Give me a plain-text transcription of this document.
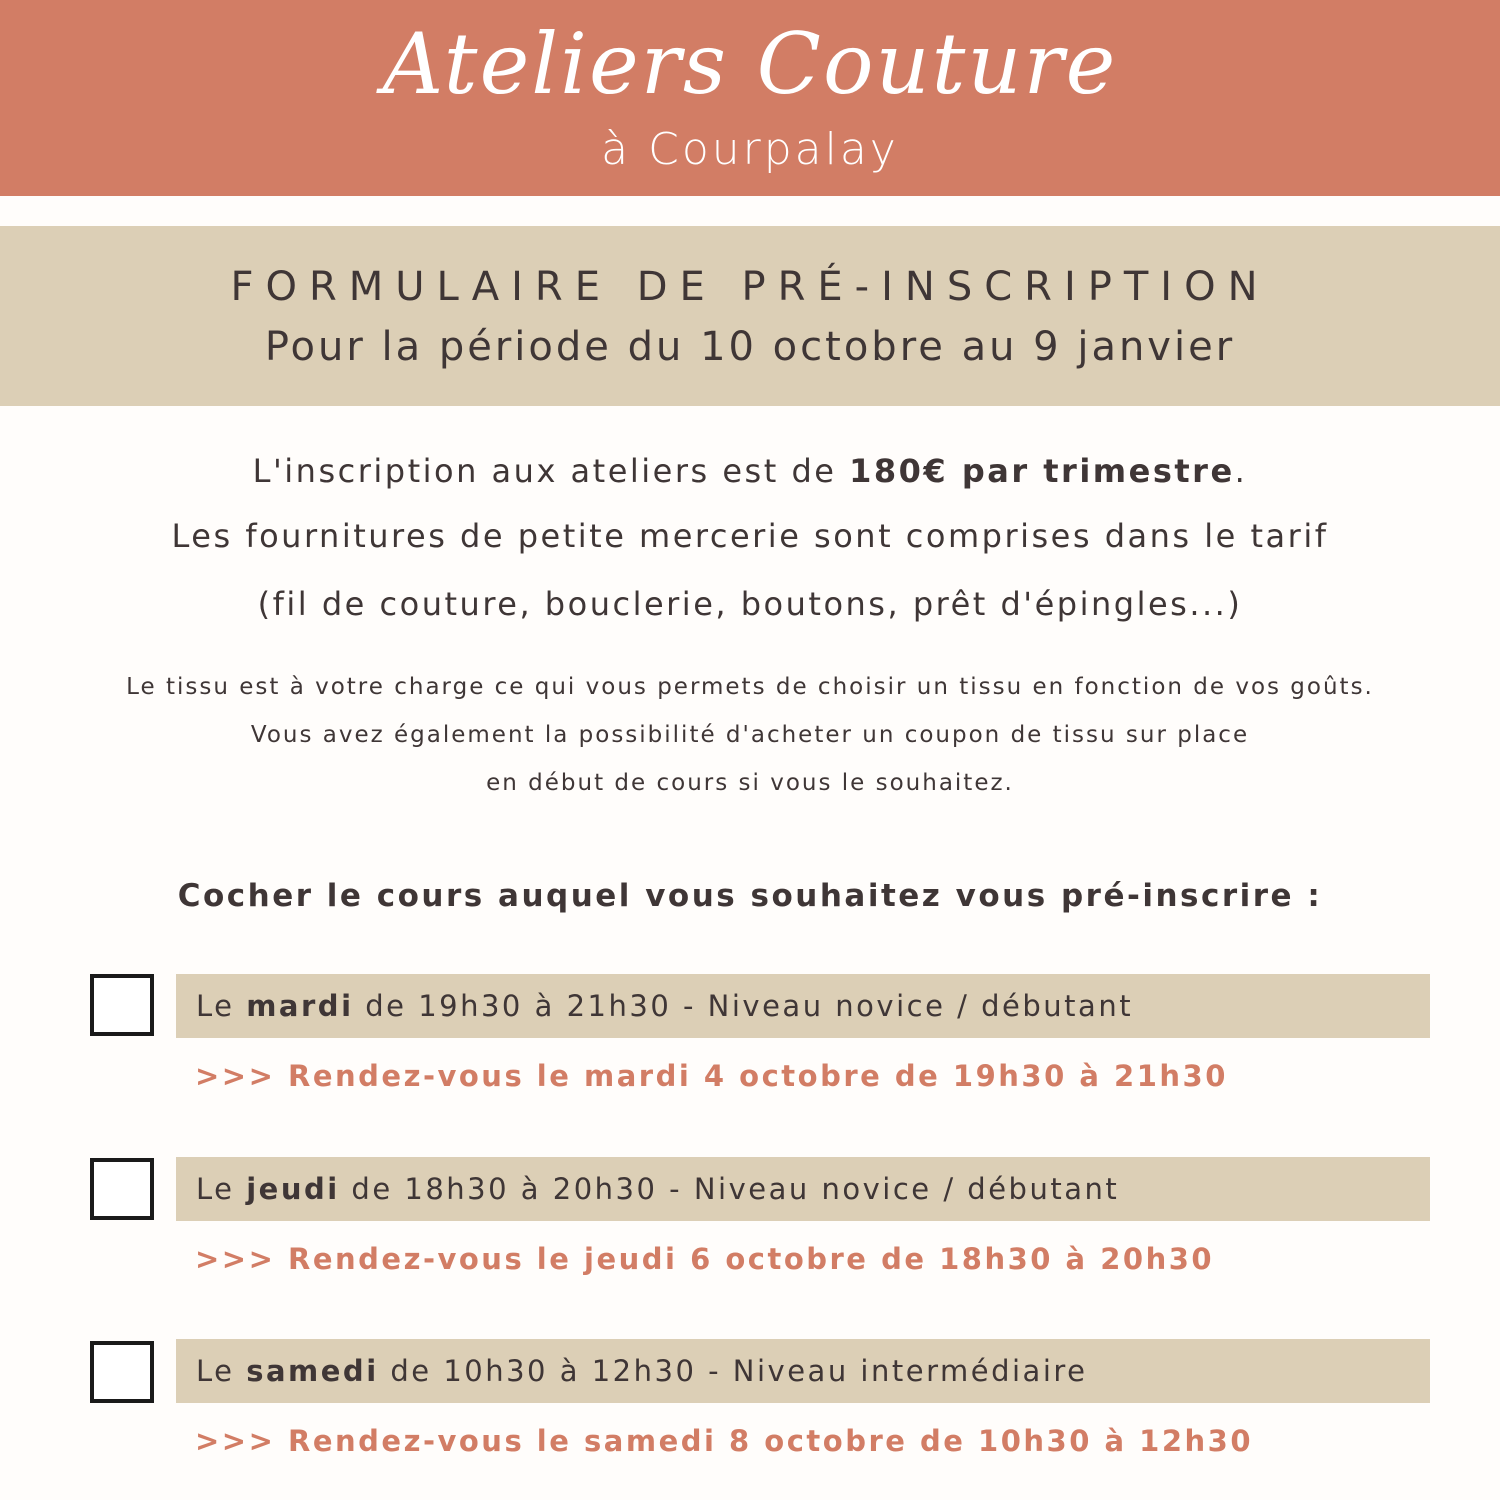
Ateliers Couture
à Courpalay
FORMULAIRE DE PRÉ-INSCRIPTION
Pour la période du 10 octobre au 9 janvier
L'inscription aux ateliers est de 180€ par trimestre.
Les fournitures de petite mercerie sont comprises dans le tarif
(fil de couture, bouclerie, boutons, prêt d'épingles...)
Le tissu est à votre charge ce qui vous permets de choisir un tissu en fonction de vos goûts.
Vous avez également la possibilité d'acheter un coupon de tissu sur place
en début de cours si vous le souhaitez.
Cocher le cours auquel vous souhaitez vous pré-inscrire :
Le mardi de 19h30 à 21h30 - Niveau novice / débutant
>>> Rendez-vous le mardi 4 octobre de 19h30 à 21h30
Le jeudi de 18h30 à 20h30 - Niveau novice / débutant
>>> Rendez-vous le jeudi 6 octobre de 18h30 à 20h30
Le samedi de 10h30 à 12h30 - Niveau intermédiaire
>>> Rendez-vous le samedi 8 octobre de 10h30 à 12h30
